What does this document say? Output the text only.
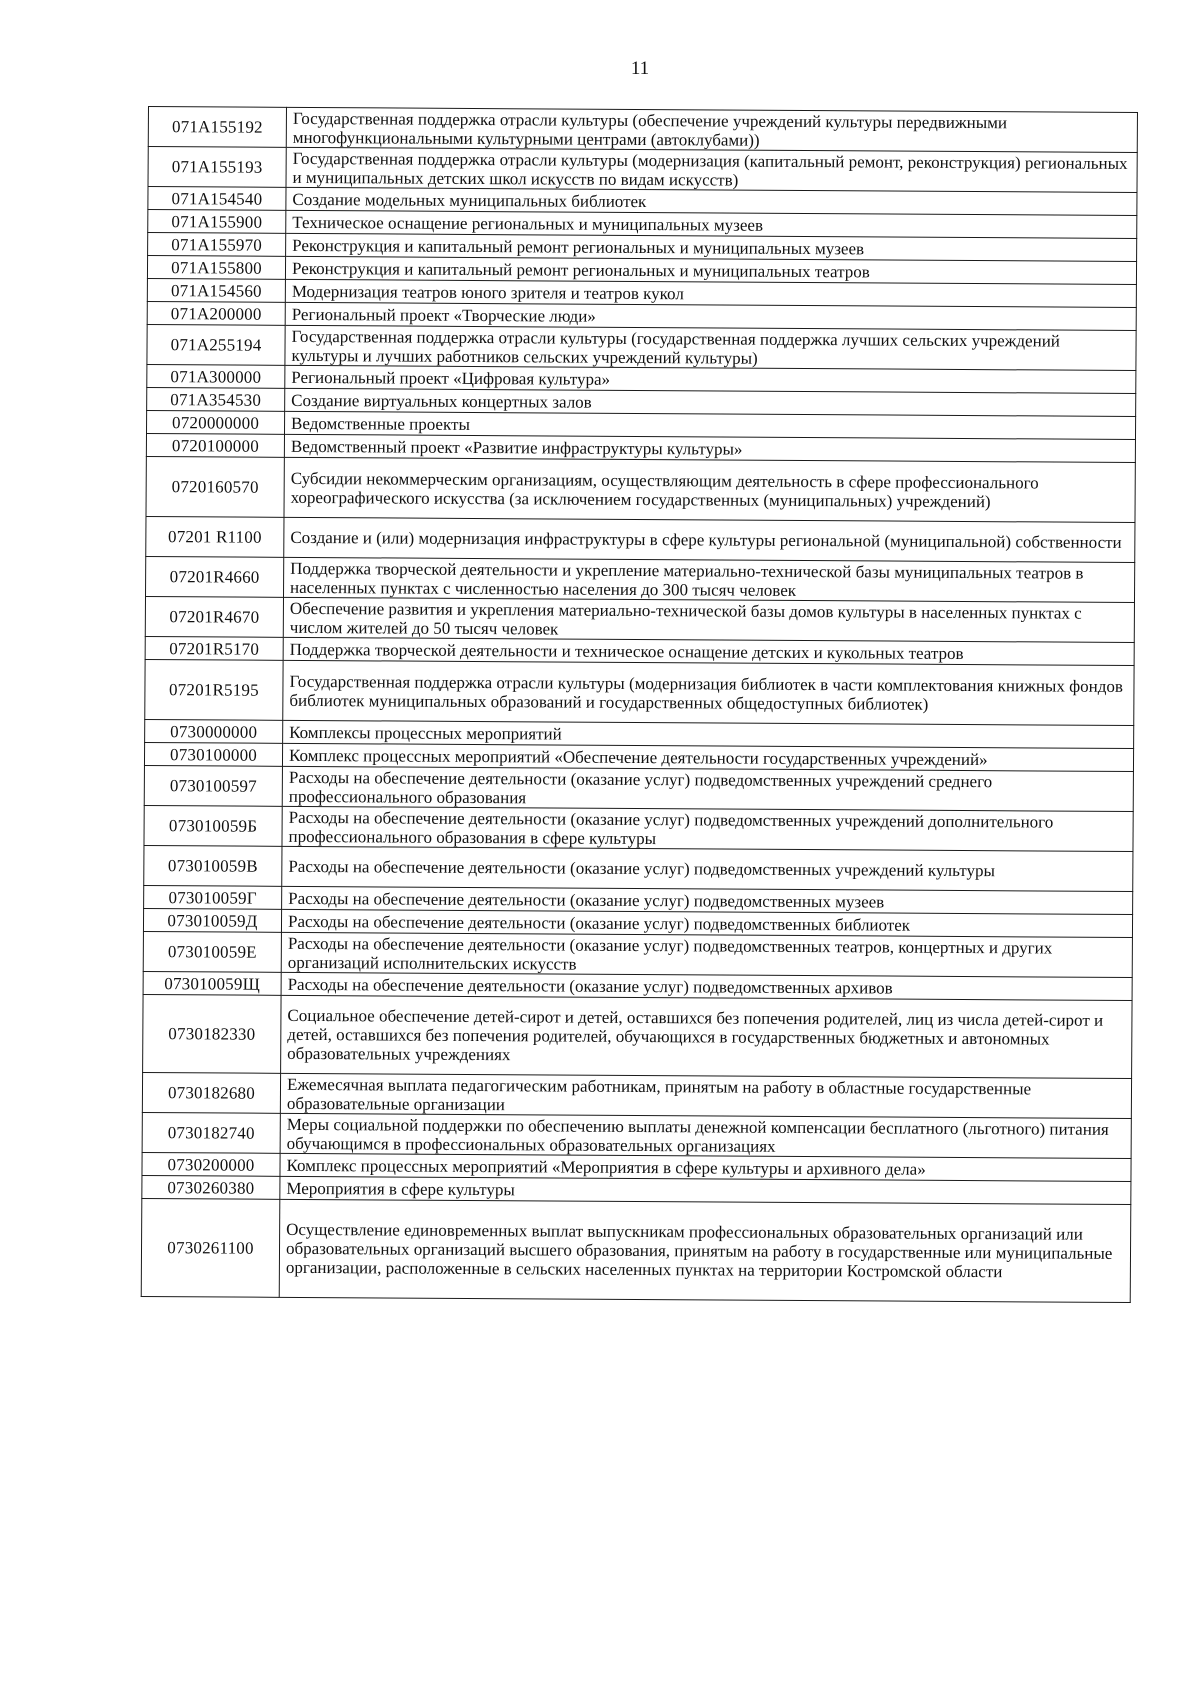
11
071A155192	Государственная поддержка отрасли культуры (обеспечение учреждений культуры передвижными многофункциональными культурными центрами (автоклубами))
071A155193	Государственная поддержка отрасли культуры (модернизация (капитальный ремонт, реконструкция) региональных и муниципальных детских школ искусств по видам искусств)
071A154540	Создание модельных муниципальных библиотек
071A155900	Техническое оснащение региональных и муниципальных музеев
071A155970	Реконструкция и капитальный ремонт региональных и муниципальных музеев
071A155800	Реконструкция и капитальный ремонт региональных и муниципальных театров
071A154560	Модернизация театров юного зрителя и театров кукол
071A200000	Региональный проект «Творческие люди»
071A255194	Государственная поддержка отрасли культуры (государственная поддержка лучших сельских учреждений культуры и лучших работников сельских учреждений культуры)
071A300000	Региональный проект «Цифровая культура»
071A354530	Создание виртуальных концертных залов
0720000000	Ведомственные проекты
0720100000	Ведомственный проект «Развитие инфраструктуры культуры»
0720160570	Субсидии некоммерческим организациям, осуществляющим деятельность в сфере профессионального хореографического искусства (за исключением государственных (муниципальных) учреждений)
07201 R1100	Создание и (или) модернизация инфраструктуры в сфере культуры региональной (муниципальной) собственности
07201R4660	Поддержка творческой деятельности и укрепление материально-технической базы муниципальных театров в населенных пунктах с численностью населения до 300 тысяч человек
07201R4670	Обеспечение развития и укрепления материально-технической базы домов культуры в населенных пунктах с числом жителей до 50 тысяч человек
07201R5170	Поддержка творческой деятельности и техническое оснащение детских и кукольных театров
07201R5195	Государственная поддержка отрасли культуры (модернизация библиотек в части комплектования книжных фондов библиотек муниципальных образований и государственных общедоступных библиотек)
0730000000	Комплексы процессных мероприятий
0730100000	Комплекс процессных мероприятий «Обеспечение деятельности государственных учреждений»
0730100597	Расходы на обеспечение деятельности (оказание услуг) подведомственных учреждений среднего профессионального образования
073010059Б	Расходы на обеспечение деятельности (оказание услуг) подведомственных учреждений дополнительного профессионального образования в сфере культуры
073010059В	Расходы на обеспечение деятельности (оказание услуг) подведомственных учреждений культуры
073010059Г	Расходы на обеспечение деятельности (оказание услуг) подведомственных музеев
073010059Д	Расходы на обеспечение деятельности (оказание услуг) подведомственных библиотек
073010059Е	Расходы на обеспечение деятельности (оказание услуг) подведомственных театров, концертных и других организаций исполнительских искусств
073010059Щ	Расходы на обеспечение деятельности (оказание услуг) подведомственных архивов
0730182330	Социальное обеспечение детей-сирот и детей, оставшихся без попечения родителей, лиц из числа детей-сирот и детей, оставшихся без попечения родителей, обучающихся в государственных бюджетных и автономных образовательных учреждениях
0730182680	Ежемесячная выплата педагогическим работникам, принятым на работу в областные государственные образовательные организации
0730182740	Меры социальной поддержки по обеспечению выплаты денежной компенсации бесплатного (льготного) питания обучающимся в профессиональных образовательных организациях
0730200000	Комплекс процессных мероприятий «Мероприятия в сфере культуры и архивного дела»
0730260380	Мероприятия в сфере культуры
0730261100	Осуществление единовременных выплат выпускникам профессиональных образовательных организаций или образовательных организаций высшего образования, принятым на работу в государственные или муниципальные организации, расположенные в сельских населенных пунктах на территории Костромской области
